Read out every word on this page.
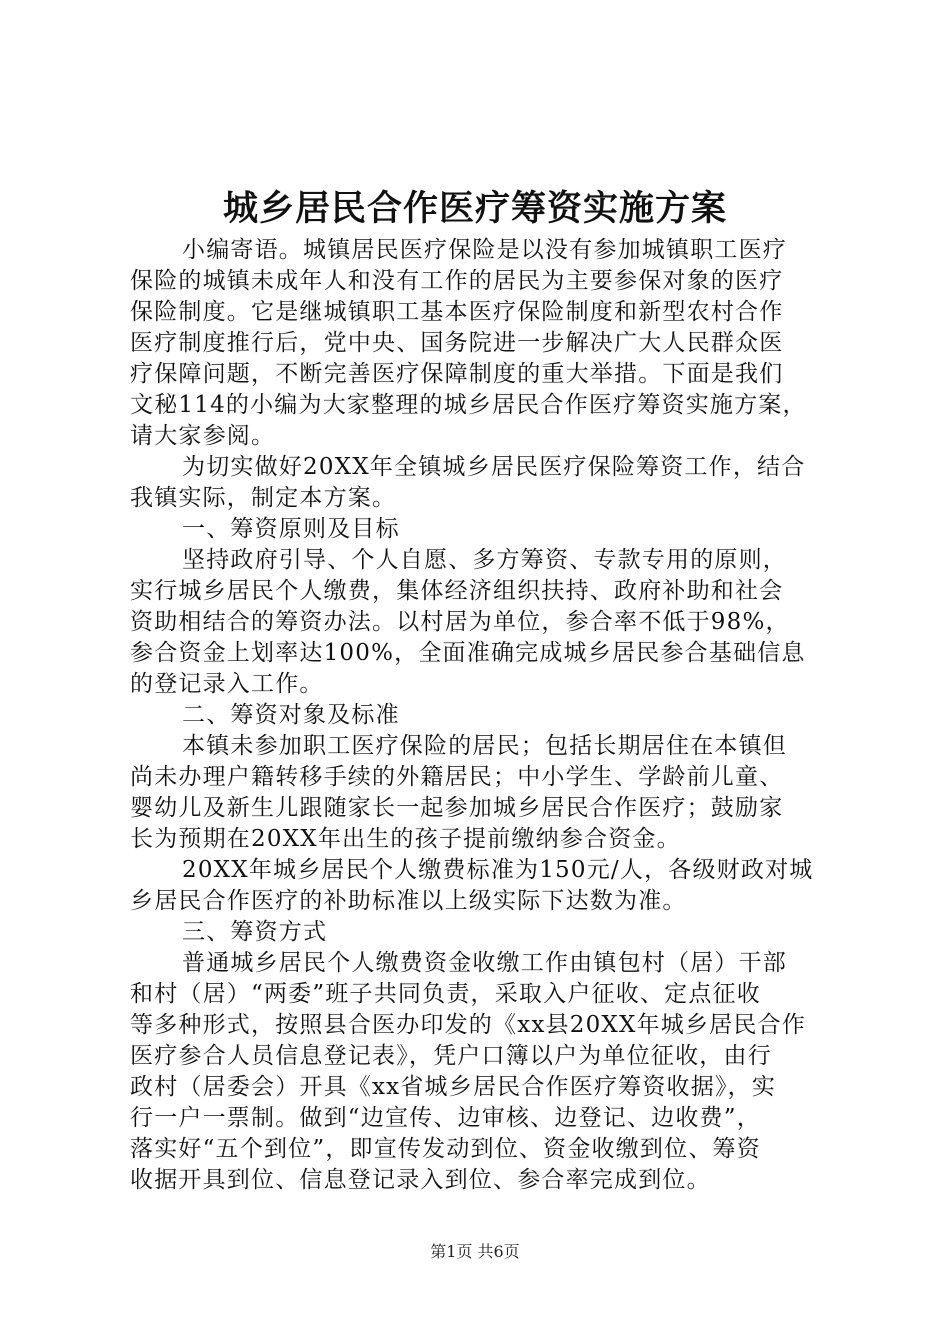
城乡居民合作医疗筹资实施方案
小编寄语。城镇居民医疗保险是以没有参加城镇职工医疗
保险的城镇未成年人和没有工作的居民为主要参保对象的医疗
保险制度。它是继城镇职工基本医疗保险制度和新型农村合作
医疗制度推行后，党中央、国务院进一步解决广大人民群众医
疗保障问题，不断完善医疗保障制度的重大举措。下面是我们
文秘114的小编为大家整理的城乡居民合作医疗筹资实施方案，
请大家参阅。
为切实做好20XX年全镇城乡居民医疗保险筹资工作，结合
我镇实际，制定本方案。
一、筹资原则及目标
坚持政府引导、个人自愿、多方筹资、专款专用的原则，
实行城乡居民个人缴费，集体经济组织扶持、政府补助和社会
资助相结合的筹资办法。以村居为单位，参合率不低于98%，
参合资金上划率达100%，全面准确完成城乡居民参合基础信息
的登记录入工作。
二、筹资对象及标准
本镇未参加职工医疗保险的居民；包括长期居住在本镇但
尚未办理户籍转移手续的外籍居民；中小学生、学龄前儿童、
婴幼儿及新生儿跟随家长一起参加城乡居民合作医疗；鼓励家
长为预期在20XX年出生的孩子提前缴纳参合资金。
20XX年城乡居民个人缴费标准为150元/人，各级财政对城
乡居民合作医疗的补助标准以上级实际下达数为准。
三、筹资方式
普通城乡居民个人缴费资金收缴工作由镇包村（居）干部
和村（居）“两委”班子共同负责，采取入户征收、定点征收
等多种形式，按照县合医办印发的《xx县20XX年城乡居民合作
医疗参合人员信息登记表》，凭户口簿以户为单位征收，由行
政村（居委会）开具《xx省城乡居民合作医疗筹资收据》，实
行一户一票制。做到“边宣传、边审核、边登记、边收费”，
落实好“五个到位”，即宣传发动到位、资金收缴到位、筹资
收据开具到位、信息登记录入到位、参合率完成到位。
第1页 共6页
